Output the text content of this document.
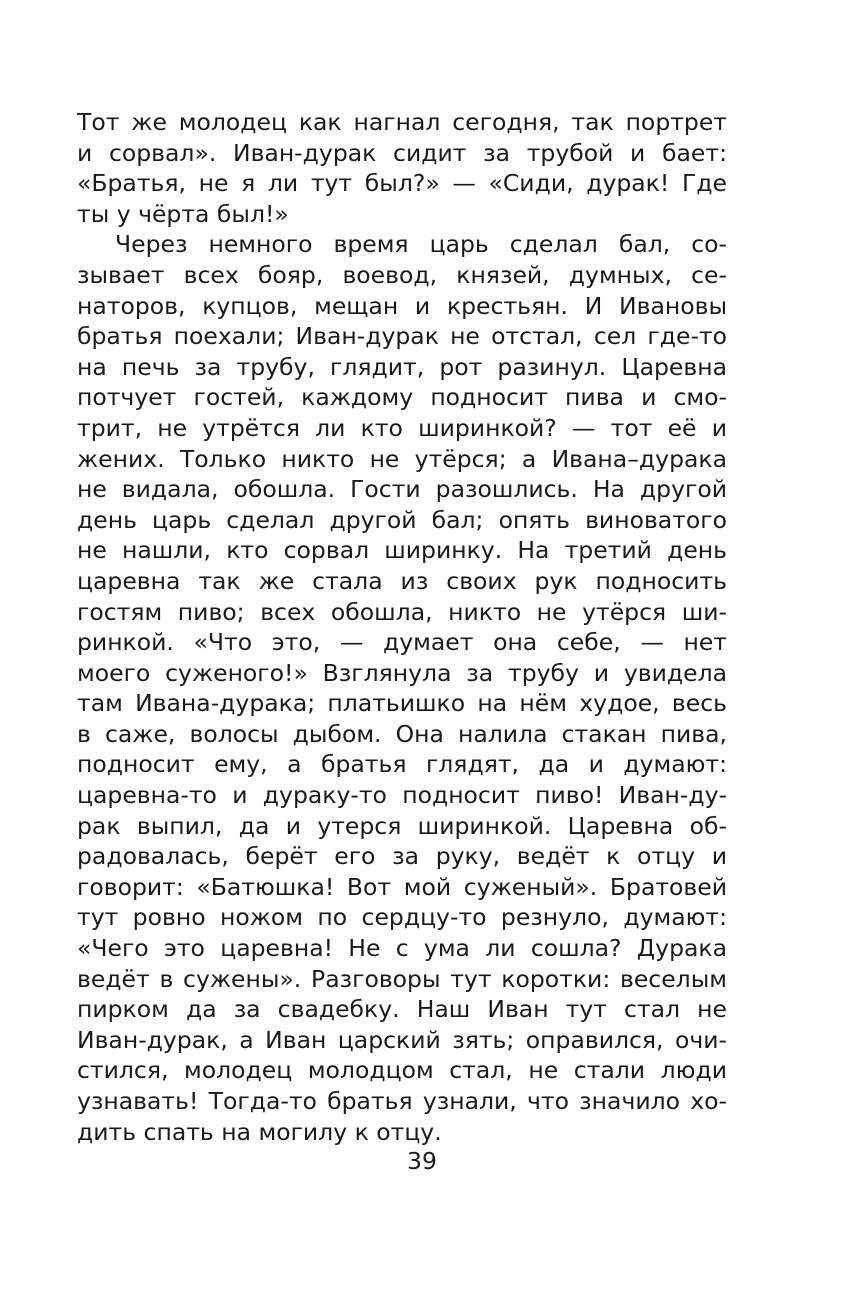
Тот же молодец как нагнал сегодня, так портрет
и сорвал». Иван-дурак сидит за трубой и бает:
«Братья, не я ли тут был?» — «Сиди, дурак! Где
ты у чёрта был!»
Через немного время царь сделал бал, со-
зывает всех бояр, воевод, князей, думных, се-
наторов, купцов, мещан и крестьян. И Ивановы
братья поехали; Иван-дурак не отстал, сел где-то
на печь за трубу, глядит, рот разинул. Царевна
потчует гостей, каждому подносит пива и смо-
трит, не утрётся ли кто ширинкой? — тот её и
жених. Только никто не утёрся; а Ивана–дурака
не видала, обошла. Гости разошлись. На другой
день царь сделал другой бал; опять виноватого
не нашли, кто сорвал ширинку. На третий день
царевна так же стала из своих рук подносить
гостям пиво; всех обошла, никто не утёрся ши-
ринкой. «Что это, — думает она себе, — нет
моего суженого!» Взглянула за трубу и увидела
там Ивана-дурака; платьишко на нём худое, весь
в саже, волосы дыбом. Она налила стакан пива,
подносит ему, а братья глядят, да и думают:
царевна-то и дураку-то подносит пиво! Иван-ду-
рак выпил, да и утерся ширинкой. Царевна об-
радовалась, берёт его за руку, ведёт к отцу и
говорит: «Батюшка! Вот мой суженый». Братовей
тут ровно ножом по сердцу-то резнуло, думают:
«Чего это царевна! Не с ума ли сошла? Дурака
ведёт в сужены». Разговоры тут коротки: веселым
пирком да за свадебку. Наш Иван тут стал не
Иван-дурак, а Иван царский зять; оправился, очи-
стился, молодец молодцом стал, не стали люди
узнавать! Тогда-то братья узнали, что значило хо-
дить спать на могилу к отцу.
39
